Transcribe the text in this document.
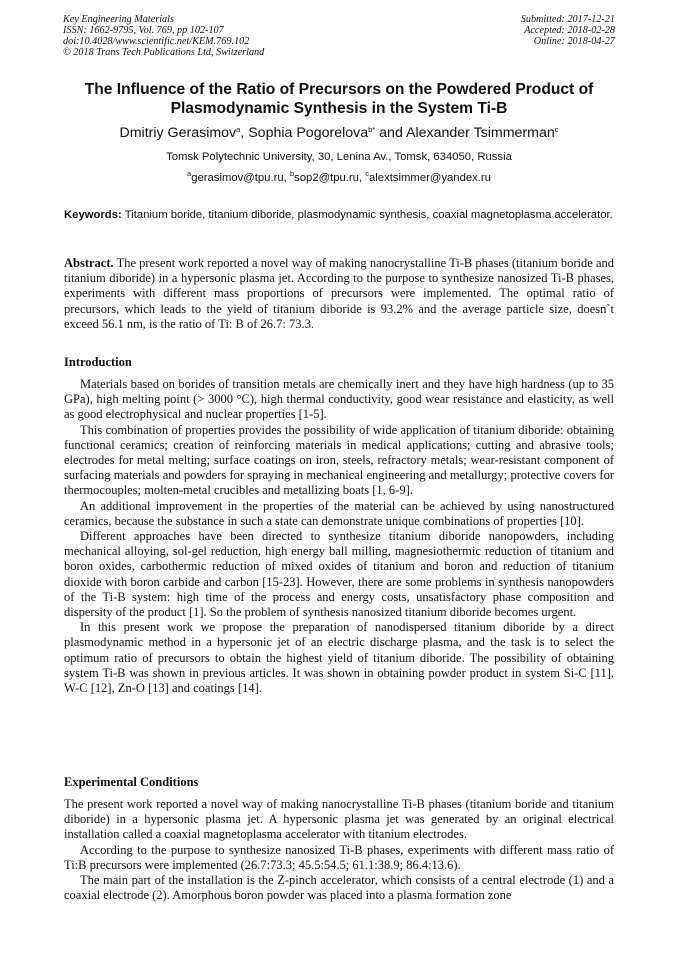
Key Engineering Materials
ISSN: 1662-9795, Vol. 769, pp 102-107
doi:10.4028/www.scientific.net/KEM.769.102
© 2018 Trans Tech Publications Ltd, Switzerland
Submitted: 2017-12-21
Accepted: 2018-02-28
Online: 2018-04-27
The Influence of the Ratio of Precursors on the Powdered Product of Plasmodynamic Synthesis in the System Ti-B
Dmitriy Gerasimov$^a$, Sophia Pogorelova$^{b*}$ and Alexander Tsimmerman$^c$
Tomsk Polytechnic University, 30, Lenina Av., Tomsk, 634050, Russia
$^a$gerasimov@tpu.ru, $^b$sop2@tpu.ru, $^c$alextsimmer@yandex.ru
Keywords: Titanium boride, titanium diboride, plasmodynamic synthesis, coaxial magnetoplasma accelerator.
Abstract. The present work reported a novel way of making nanocrystalline Ti-B phases (titanium boride and titanium diboride) in a hypersonic plasma jet. According to the purpose to synthesize nanosized Ti-B phases, experiments with different mass proportions of precursors were implemented. The optimal ratio of precursors, which leads to the yield of titanium diboride is 93.2% and the average particle size, doesn`t exceed 56.1 nm, is the ratio of Ti: B of 26.7: 73.3.
Introduction

Materials based on borides of transition metals are chemically inert and they have high hardness (up to 35 GPa), high melting point (> 3000 °C), high thermal conductivity, good wear resistance and elasticity, as well as good electrophysical and nuclear properties [1-5].

This combination of properties provides the possibility of wide application of titanium diboride: obtaining functional ceramics; creation of reinforcing materials in medical applications; cutting and abrasive tools; electrodes for metal melting; surface coatings on iron, steels, refractory metals; wear-resistant component of surfacing materials and powders for spraying in mechanical engineering and metallurgy; protective covers for thermocouples; molten-metal crucibles and metallizing boats [1, 6-9].

An additional improvement in the properties of the material can be achieved by using nanostructured ceramics, because the substance in such a state can demonstrate unique combinations of properties [10].

Different approaches have been directed to synthesize titanium diboride nanopowders, including mechanical alloying, sol-gel reduction, high energy ball milling, magnesiothermic reduction of titanium and boron oxides, carbothermic reduction of mixed oxides of titanium and boron and reduction of titanium dioxide with boron carbide and carbon [15-23]. However, there are some problems in synthesis nanopowders of the Ti-B system: high time of the process and energy costs, unsatisfactory phase composition and dispersity of the product [1]. So the problem of synthesis nanosized titanium diboride becomes urgent.

In this present work we propose the preparation of nanodispersed titanium diboride by a direct plasmodynamic method in a hypersonic jet of an electric discharge plasma, and the task is to select the optimum ratio of precursors to obtain the highest yield of titanium diboride. The possibility of obtaining system Ti-B was shown in previous articles. It was shown in obtaining powder product in system Si-C [11], W-C [12], Zn-O [13] and coatings [14].

Experimental Conditions

The present work reported a novel way of making nanocrystalline Ti-B phases (titanium boride and titanium diboride) in a hypersonic plasma jet. A hypersonic plasma jet was generated by an original electrical installation called a coaxial magnetoplasma accelerator with titanium electrodes.

According to the purpose to synthesize nanosized Ti-B phases, experiments with different mass ratio of Ti:B precursors were implemented (26.7:73.3; 45.5:54.5; 61.1:38.9; 86.4:13.6).

The main part of the installation is the Z-pinch accelerator, which consists of a central electrode (1) and a coaxial electrode (2). Amorphous boron powder was placed into a plasma formation zone
